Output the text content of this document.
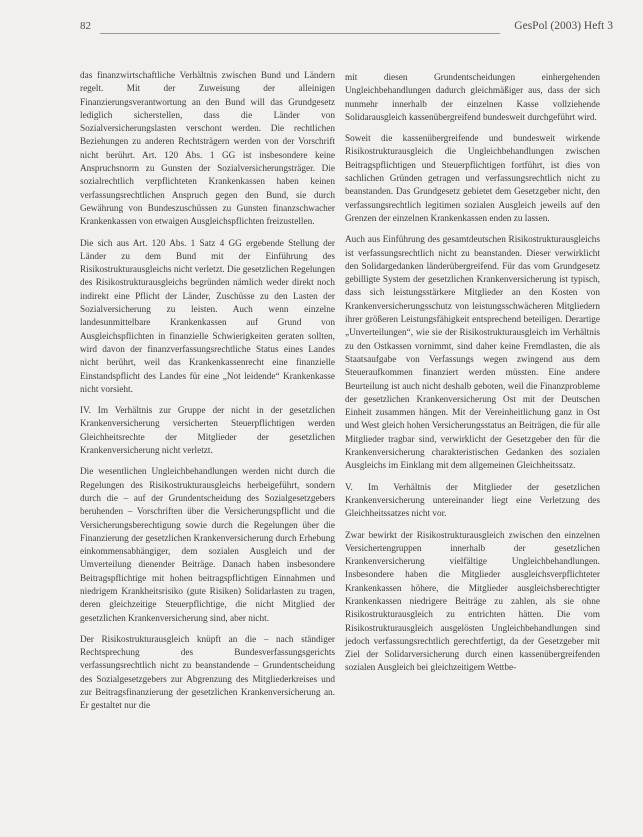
82	GesPol (2003) Heft 3

das finanzwirtschaftliche Verhältnis zwischen Bund und Ländern regelt. Mit der Zuweisung der alleinigen Finanzierungsverantwortung an den Bund will das Grundgesetz lediglich sicherstellen, dass die Länder von Sozialversicherungslasten verschont werden. Die rechtlichen Beziehungen zu anderen Rechtsträgern werden von der Vorschrift nicht berührt. Art. 120 Abs. 1 GG ist insbesondere keine Anspruchsnorm zu Gunsten der Sozialversicherungsträger. Die sozialrechtlich verpflichteten Krankenkassen haben keinen verfassungsrechtlichen Anspruch gegen den Bund, sie durch Gewährung von Bundeszuschüssen zu Gunsten finanzschwacher Krankenkassen von etwaigen Ausgleichspflichten freizustellen.

Die sich aus Art. 120 Abs. 1 Satz 4 GG ergebende Stellung der Länder zu dem Bund mit der Einführung des Risikostrukturausgleichs nicht verletzt. Die gesetzlichen Regelungen des Risikostrukturausgleichs begründen nämlich weder direkt noch indirekt eine Pflicht der Länder, Zuschüsse zu den Lasten der Sozialversicherung zu leisten. Auch wenn einzelne landesunmittelbare Krankenkassen auf Grund von Ausgleichspflichten in finanzielle Schwierigkeiten geraten sollten, wird davon der finanzverfassungsrechtliche Status eines Landes nicht berührt, weil das Krankenkassenrecht eine finanzielle Einstandspflicht des Landes für eine „Not leidende“ Krankenkasse nicht vorsieht.

IV. Im Verhältnis zur Gruppe der nicht in der gesetzlichen Krankenversicherung versicherten Steuerpflichtigen werden Gleichheitsrechte der Mitglieder der gesetzlichen Krankenversicherung nicht verletzt.

Die wesentlichen Ungleichbehandlungen werden nicht durch die Regelungen des Risikostrukturausgleichs herbeigeführt, sondern durch die – auf der Grundentscheidung des Sozialgesetzgebers beruhenden – Vorschriften über die Versicherungspflicht und die Versicherungsberechtigung sowie durch die Regelungen über die Finanzierung der gesetzlichen Krankenversicherung durch Erhebung einkommensabhängiger, dem sozialen Ausgleich und der Umverteilung dienender Beiträge. Danach haben insbesondere Beitragspflichtige mit hohen beitragspflichtigen Einnahmen und niedrigem Krankheitsrisiko (gute Risiken) Solidarlasten zu tragen, deren gleichzeitige Steuerpflichtige, die nicht Mitglied der gesetzlichen Krankenversicherung sind, aber nicht.

Der Risikostrukturausgleich knüpft an die – nach ständiger Rechtsprechung des Bundesverfassungsgerichts verfassungsrechtlich nicht zu beanstandende – Grundentscheidung des Sozialgesetzgebers zur Abgrenzung des Mitgliederkreises und zur Beitragsfinanzierung der gesetzlichen Krankenversicherung an. Er gestaltet nur die

mit diesen Grundentscheidungen einhergehenden Ungleichbehandlungen dadurch gleichmäßiger aus, dass der sich nunmehr innerhalb der einzelnen Kasse vollziehende Solidarausgleich kassenübergreifend bundesweit durchgeführt wird.

Soweit die kassenübergreifende und bundesweit wirkende Risikostrukturausgleich die Ungleichbehandlungen zwischen Beitragspflichtigen und Steuerpflichtigen fortführt, ist dies von sachlichen Gründen getragen und verfassungsrechtlich nicht zu beanstanden. Das Grundgesetz gebietet dem Gesetzgeber nicht, den verfassungsrechtlich legitimen sozialen Ausgleich jeweils auf den Grenzen der einzelnen Krankenkassen enden zu lassen.

Auch aus Einführung des gesamtdeutschen Risikostrukturausgleichs ist verfassungsrechtlich nicht zu beanstanden. Dieser verwirklicht den Solidargedanken länderübergreifend. Für das vom Grundgesetz gebilligte System der gesetzlichen Krankenversicherung ist typisch, dass sich leistungsstärkere Mitglieder an den Kosten von Krankenversicherungsschutz von leistungsschwächeren Mitgliedern ihrer größeren Leistungsfähigkeit entsprechend beteiligen. Derartige „Unverteilungen“, wie sie der Risikostrukturausgleich im Verhältnis zu den Ostkassen vornimmt, sind daher keine Fremdlasten, die als Staatsaufgabe von Verfassungs wegen zwingend aus dem Steueraufkommen finanziert werden müssten. Eine andere Beurteilung ist auch nicht deshalb geboten, weil die Finanzprobleme der gesetzlichen Krankenversicherung Ost mit der Deutschen Einheit zusammen hängen. Mit der Vereinheitlichung ganz in Ost und West gleich hohen Versicherungsstatus an Beiträgen, die für alle Mitglieder tragbar sind, verwirklicht der Gesetzgeber den für die Krankenversicherung charakteristischen Gedanken des sozialen Ausgleichs im Einklang mit dem allgemeinen Gleichheitssatz.

V. Im Verhältnis der Mitglieder der gesetzlichen Krankenversicherung untereinander liegt eine Verletzung des Gleichheitssatzes nicht vor.

Zwar bewirkt der Risikostrukturausgleich zwischen den einzelnen Versichertengruppen innerhalb der gesetzlichen Krankenversicherung vielfältige Ungleichbehandlungen. Insbesondere haben die Mitglieder ausgleichsverpflichteter Krankenkassen höhere, die Mitglieder ausgleichsberechtigter Krankenkassen niedrigere Beiträge zu zahlen, als sie ohne Risikostrukturausgleich zu entrichten hätten. Die vom Risikostrukturausgleich ausgelösten Ungleichbehandlungen sind jedoch verfassungsrechtlich gerechtfertigt, da der Gesetzgeber mit Ziel der Solidarversicherung durch einen kassenübergreifenden sozialen Ausgleich bei gleichzeitigem Wettbe-
